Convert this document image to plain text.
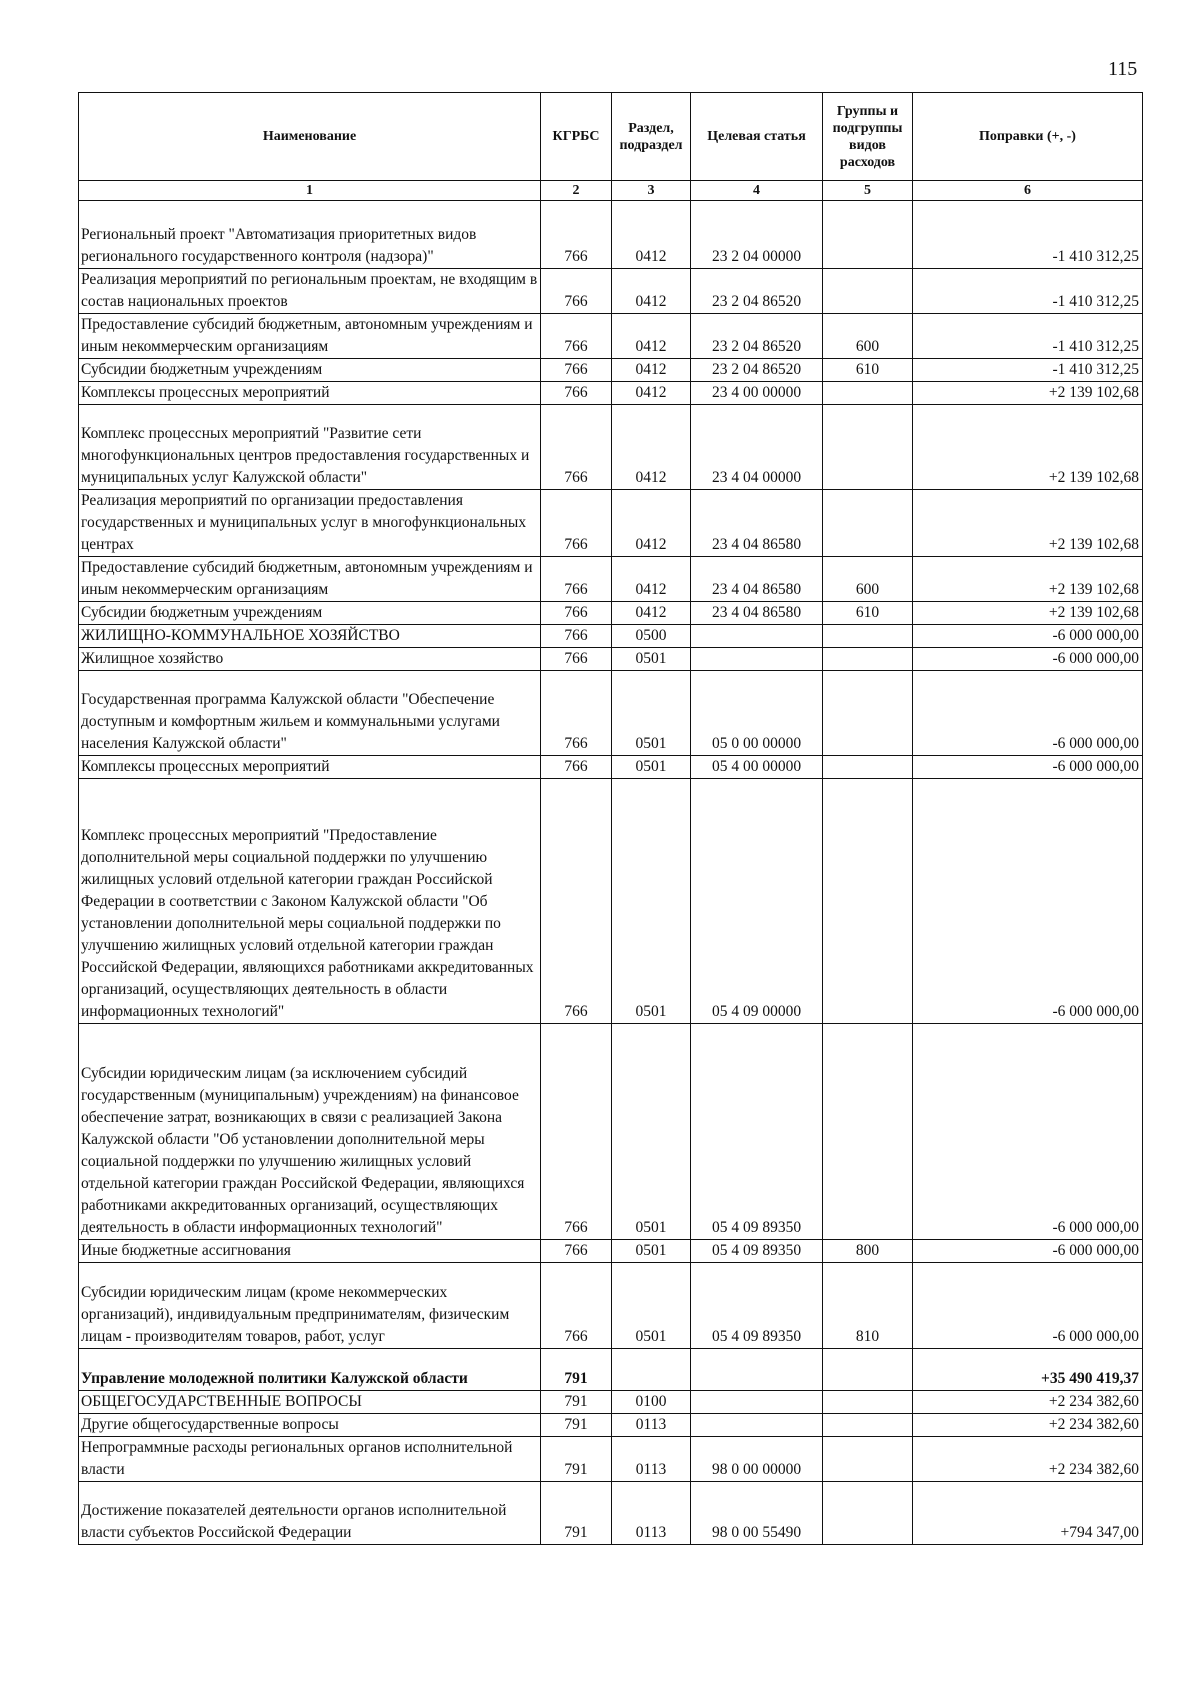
115
Наименование	КГРБС	Раздел, подраздел	Целевая статья	Группы и подгруппы видов расходов	Поправки (+, -)
1	2	3	4	5	6
Региональный проект "Автоматизация приоритетных видов регионального государственного контроля (надзора)"	766	0412	23 2 04 00000		-1 410 312,25
Реализация мероприятий по региональным проектам, не входящим в состав национальных проектов	766	0412	23 2 04 86520		-1 410 312,25
Предоставление субсидий бюджетным, автономным учреждениям и иным некоммерческим организациям	766	0412	23 2 04 86520	600	-1 410 312,25
Субсидии бюджетным учреждениям	766	0412	23 2 04 86520	610	-1 410 312,25
Комплексы процессных мероприятий	766	0412	23 4 00 00000		+2 139 102,68
Комплекс процессных мероприятий "Развитие сети многофункциональных центров предоставления государственных и муниципальных услуг Калужской области"	766	0412	23 4 04 00000		+2 139 102,68
Реализация мероприятий по организации предоставления государственных и муниципальных услуг в многофункциональных центрах	766	0412	23 4 04 86580		+2 139 102,68
Предоставление субсидий бюджетным, автономным учреждениям и иным некоммерческим организациям	766	0412	23 4 04 86580	600	+2 139 102,68
Субсидии бюджетным учреждениям	766	0412	23 4 04 86580	610	+2 139 102,68
ЖИЛИЩНО-КОММУНАЛЬНОЕ ХОЗЯЙСТВО	766	0500			-6 000 000,00
Жилищное хозяйство	766	0501			-6 000 000,00
Государственная программа Калужской области "Обеспечение доступным и комфортным жильем и коммунальными услугами населения Калужской области"	766	0501	05 0 00 00000		-6 000 000,00
Комплексы процессных мероприятий	766	0501	05 4 00 00000		-6 000 000,00
Комплекс процессных мероприятий "Предоставление дополнительной меры социальной поддержки по улучшению жилищных условий отдельной категории граждан Российской Федерации в соответствии с Законом Калужской области "Об установлении дополнительной меры социальной поддержки по улучшению жилищных условий отдельной категории граждан Российской Федерации, являющихся работниками аккредитованных организаций, осуществляющих деятельность в области информационных технологий"	766	0501	05 4 09 00000		-6 000 000,00
Субсидии юридическим лицам (за исключением субсидий государственным (муниципальным) учреждениям) на финансовое обеспечение затрат, возникающих в связи с реализацией Закона Калужской области "Об установлении дополнительной меры социальной поддержки по улучшению жилищных условий отдельной категории граждан Российской Федерации, являющихся работниками аккредитованных организаций, осуществляющих деятельность в области информационных технологий"	766	0501	05 4 09 89350		-6 000 000,00
Иные бюджетные ассигнования	766	0501	05 4 09 89350	800	-6 000 000,00
Субсидии юридическим лицам (кроме некоммерческих организаций), индивидуальным предпринимателям, физическим лицам - производителям товаров, работ, услуг	766	0501	05 4 09 89350	810	-6 000 000,00
Управление молодежной политики Калужской области	791				+35 490 419,37
ОБЩЕГОСУДАРСТВЕННЫЕ ВОПРОСЫ	791	0100			+2 234 382,60
Другие общегосударственные вопросы	791	0113			+2 234 382,60
Непрограммные расходы региональных органов исполнительной власти	791	0113	98 0 00 00000		+2 234 382,60
Достижение показателей деятельности органов исполнительной власти субъектов Российской Федерации	791	0113	98 0 00 55490		+794 347,00
